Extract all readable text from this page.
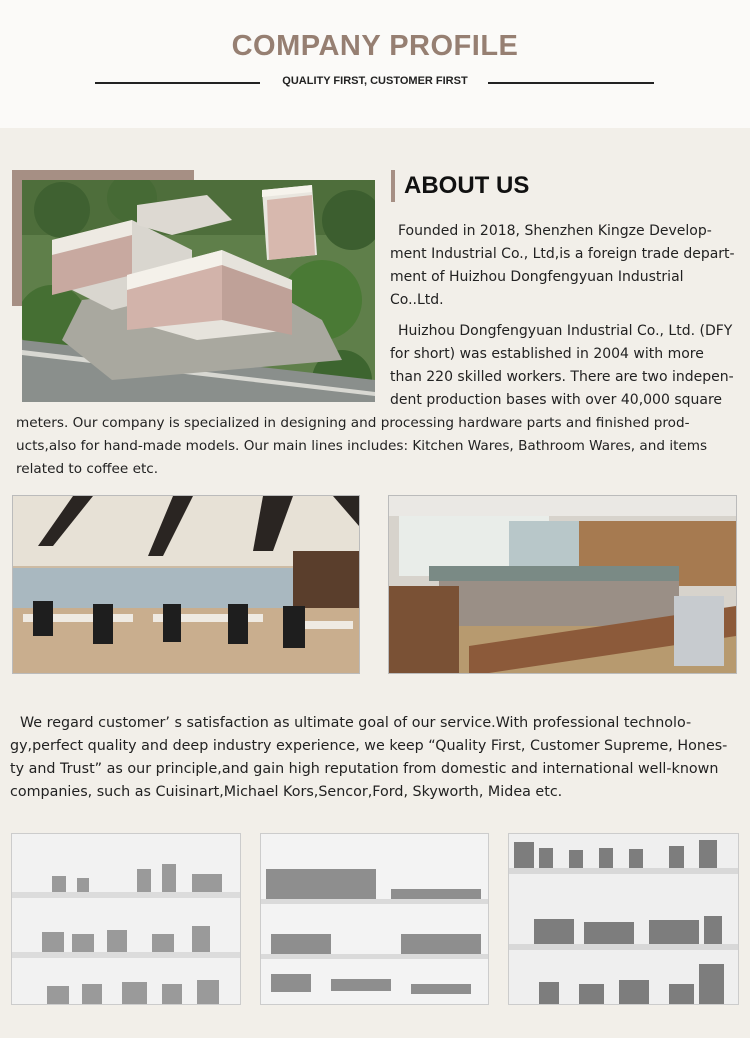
COMPANY PROFILE
QUALITY FIRST, CUSTOMER FIRST
ABOUT US
Founded in 2018, Shenzhen Kingze Develop-
ment Industrial Co., Ltd,is a foreign trade depart-
ment of Huizhou Dongfengyuan Industrial
Co..Ltd.
Huizhou Dongfengyuan Industrial Co., Ltd. (DFY
for short) was established in 2004 with more
than 220 skilled workers. There are two indepen-
dent production bases with over 40,000 square
meters. Our company is specialized in designing and processing hardware parts and finished prod-
ucts,also for hand-made models. Our main lines includes: Kitchen Wares, Bathroom Wares, and items
related to coffee etc.
We regard customer’ s satisfaction as ultimate goal of our service.With professional technolo-
gy,perfect quality and deep industry experience, we keep “Quality First, Customer Supreme, Hones-
ty and Trust” as our principle,and gain high reputation from domestic and international well-known
companies, such as Cuisinart,Michael Kors,Sencor,Ford, Skyworth, Midea etc.
